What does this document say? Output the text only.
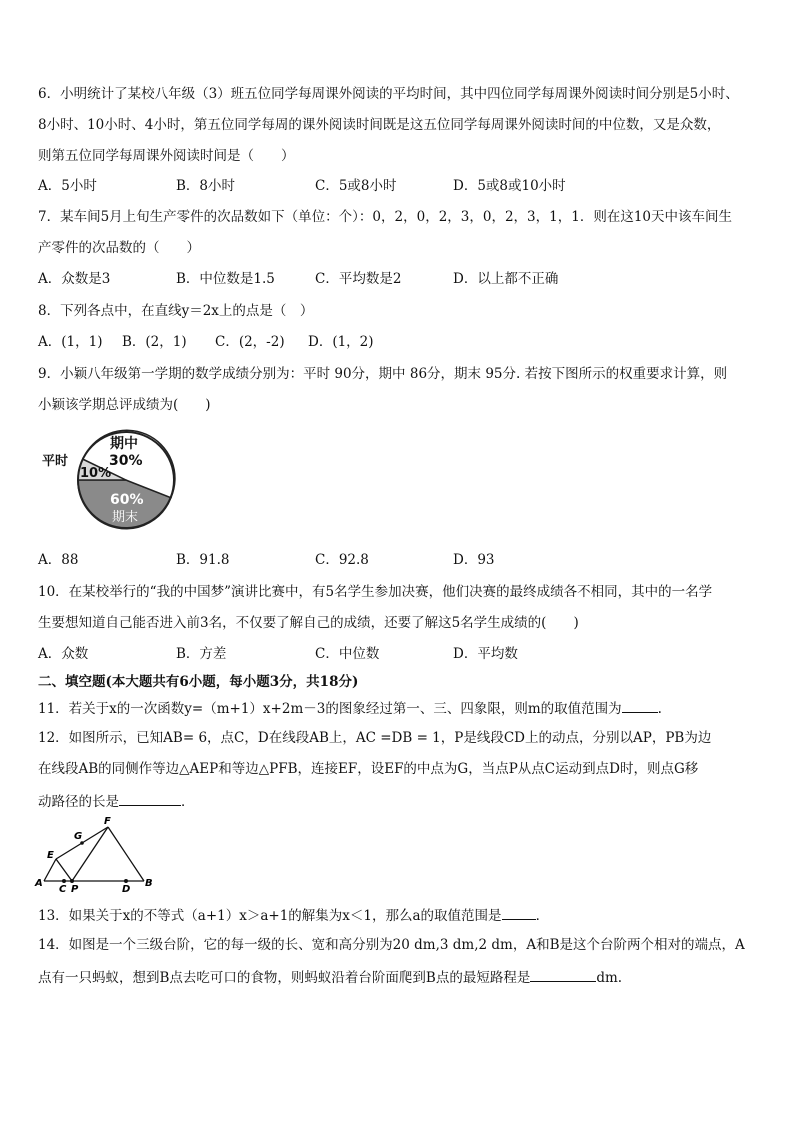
6．小明统计了某校八年级（3）班五位同学每周课外阅读的平均时间，其中四位同学每周课外阅读时间分别是5小时、
8小时、10小时、4小时，第五位同学每周的课外阅读时间既是这五位同学每周课外阅读时间的中位数，又是众数，
则第五位同学每周课外阅读时间是（　　）
A．5小时	B．8小时	C．5或8小时	D．5或8或10小时
7．某车间5月上旬生产零件的次品数如下（单位：个）：0，2，0，2，3，0，2，3，1，1．则在这10天中该车间生
产零件的次品数的（　　）
A．众数是3	B．中位数是1.5	C．平均数是2	D．以上都不正确
8．下列各点中，在直线y＝2x上的点是（　）
A．(1，1) B．(2，1) C．(2，-2) D．(1，2)
9．小颖八年级第一学期的数学成绩分别为：平时 90分，期中 86分，期末 95分. 若按下图所示的权重要求计算，则
小颖该学期总评成绩为(　　)
平时
期中
30%
10%
60%
期末
A．88	B．91.8	C．92.8	D．93
10．在某校举行的“我的中国梦”演讲比赛中，有5名学生参加决赛，他们决赛的最终成绩各不相同，其中的一名学
生要想知道自己能否进入前3名，不仅要了解自己的成绩，还要了解这5名学生成绩的(　　)
A．众数	B．方差	C．中位数	D．平均数
二、填空题(本大题共有6小题，每小题3分，共18分)
11．若关于x的一次函数y=（m+1）x+2m－3的图象经过第一、三、四象限，则m的取值范围为	.
12．如图所示，已知AB= 6，点C，D在线段AB上，AC =DB = 1，P是线段CD上的动点，分别以AP，PB为边
在线段AB的同侧作等边△AEP和等边△PFB，连接EF，设EF的中点为G，当点P从点C运动到点D时，则点G移
动路径的长是	．
F
G
E
A
C P	D
B
13．如果关于x的不等式（a+1）x＞a+1的解集为x＜1，那么a的取值范围是	．
14．如图是一个三级台阶，它的每一级的长、宽和高分别为20 dm,3 dm,2 dm，A和B是这个台阶两个相对的端点，A
点有一只蚂蚁，想到B点去吃可口的食物，则蚂蚁沿着台阶面爬到B点的最短路程是	dm.
